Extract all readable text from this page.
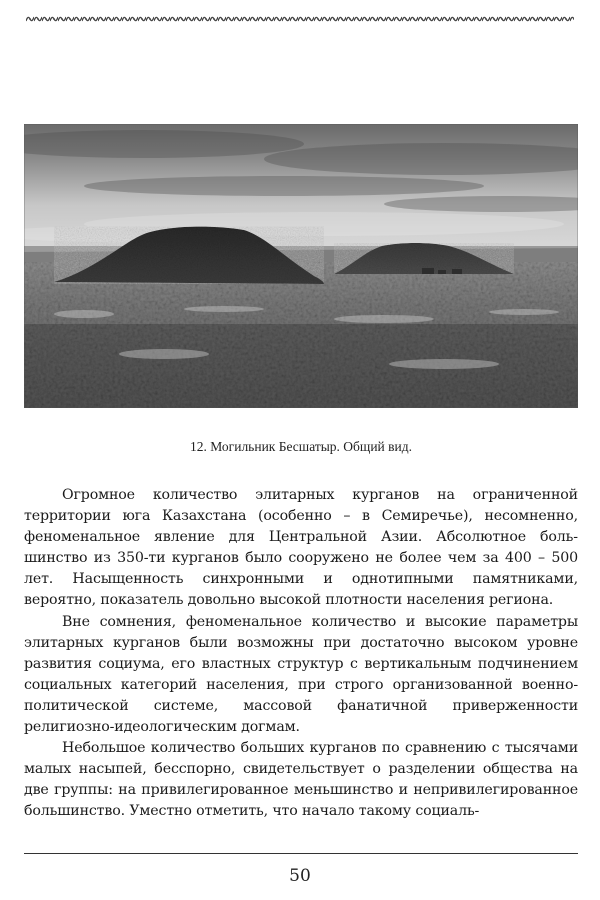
12. Могильник Бесшатыр. Общий вид.

Огромное количество элитарных курганов на ограниченной территории юга Казахстана (особенно – в Семиречье), несомненно, феноменальное явление для Центральной Азии. Абсолютное большинство из 350-ти курганов было сооружено не более чем за 400 – 500 лет. Насыщенность синхронными и однотипными памятниками, вероятно, показатель довольно высокой плотности населения региона.

Вне сомнения, феноменальное количество и высокие параметры элитарных курганов были возможны при достаточно высоком уровне развития социума, его властных структур с вертикальным подчинением социальных категорий населения, при строго организованной военно-политической системе, массовой фанатичной приверженности религиозно-идеологическим догмам.

Небольшое количество больших курганов по сравнению с тысячами малых насыпей, бесспорно, свидетельствует о разделении общества на две группы: на привилегированное меньшинство и непривилегированное большинство. Уместно отметить, что начало такому социаль-

50
